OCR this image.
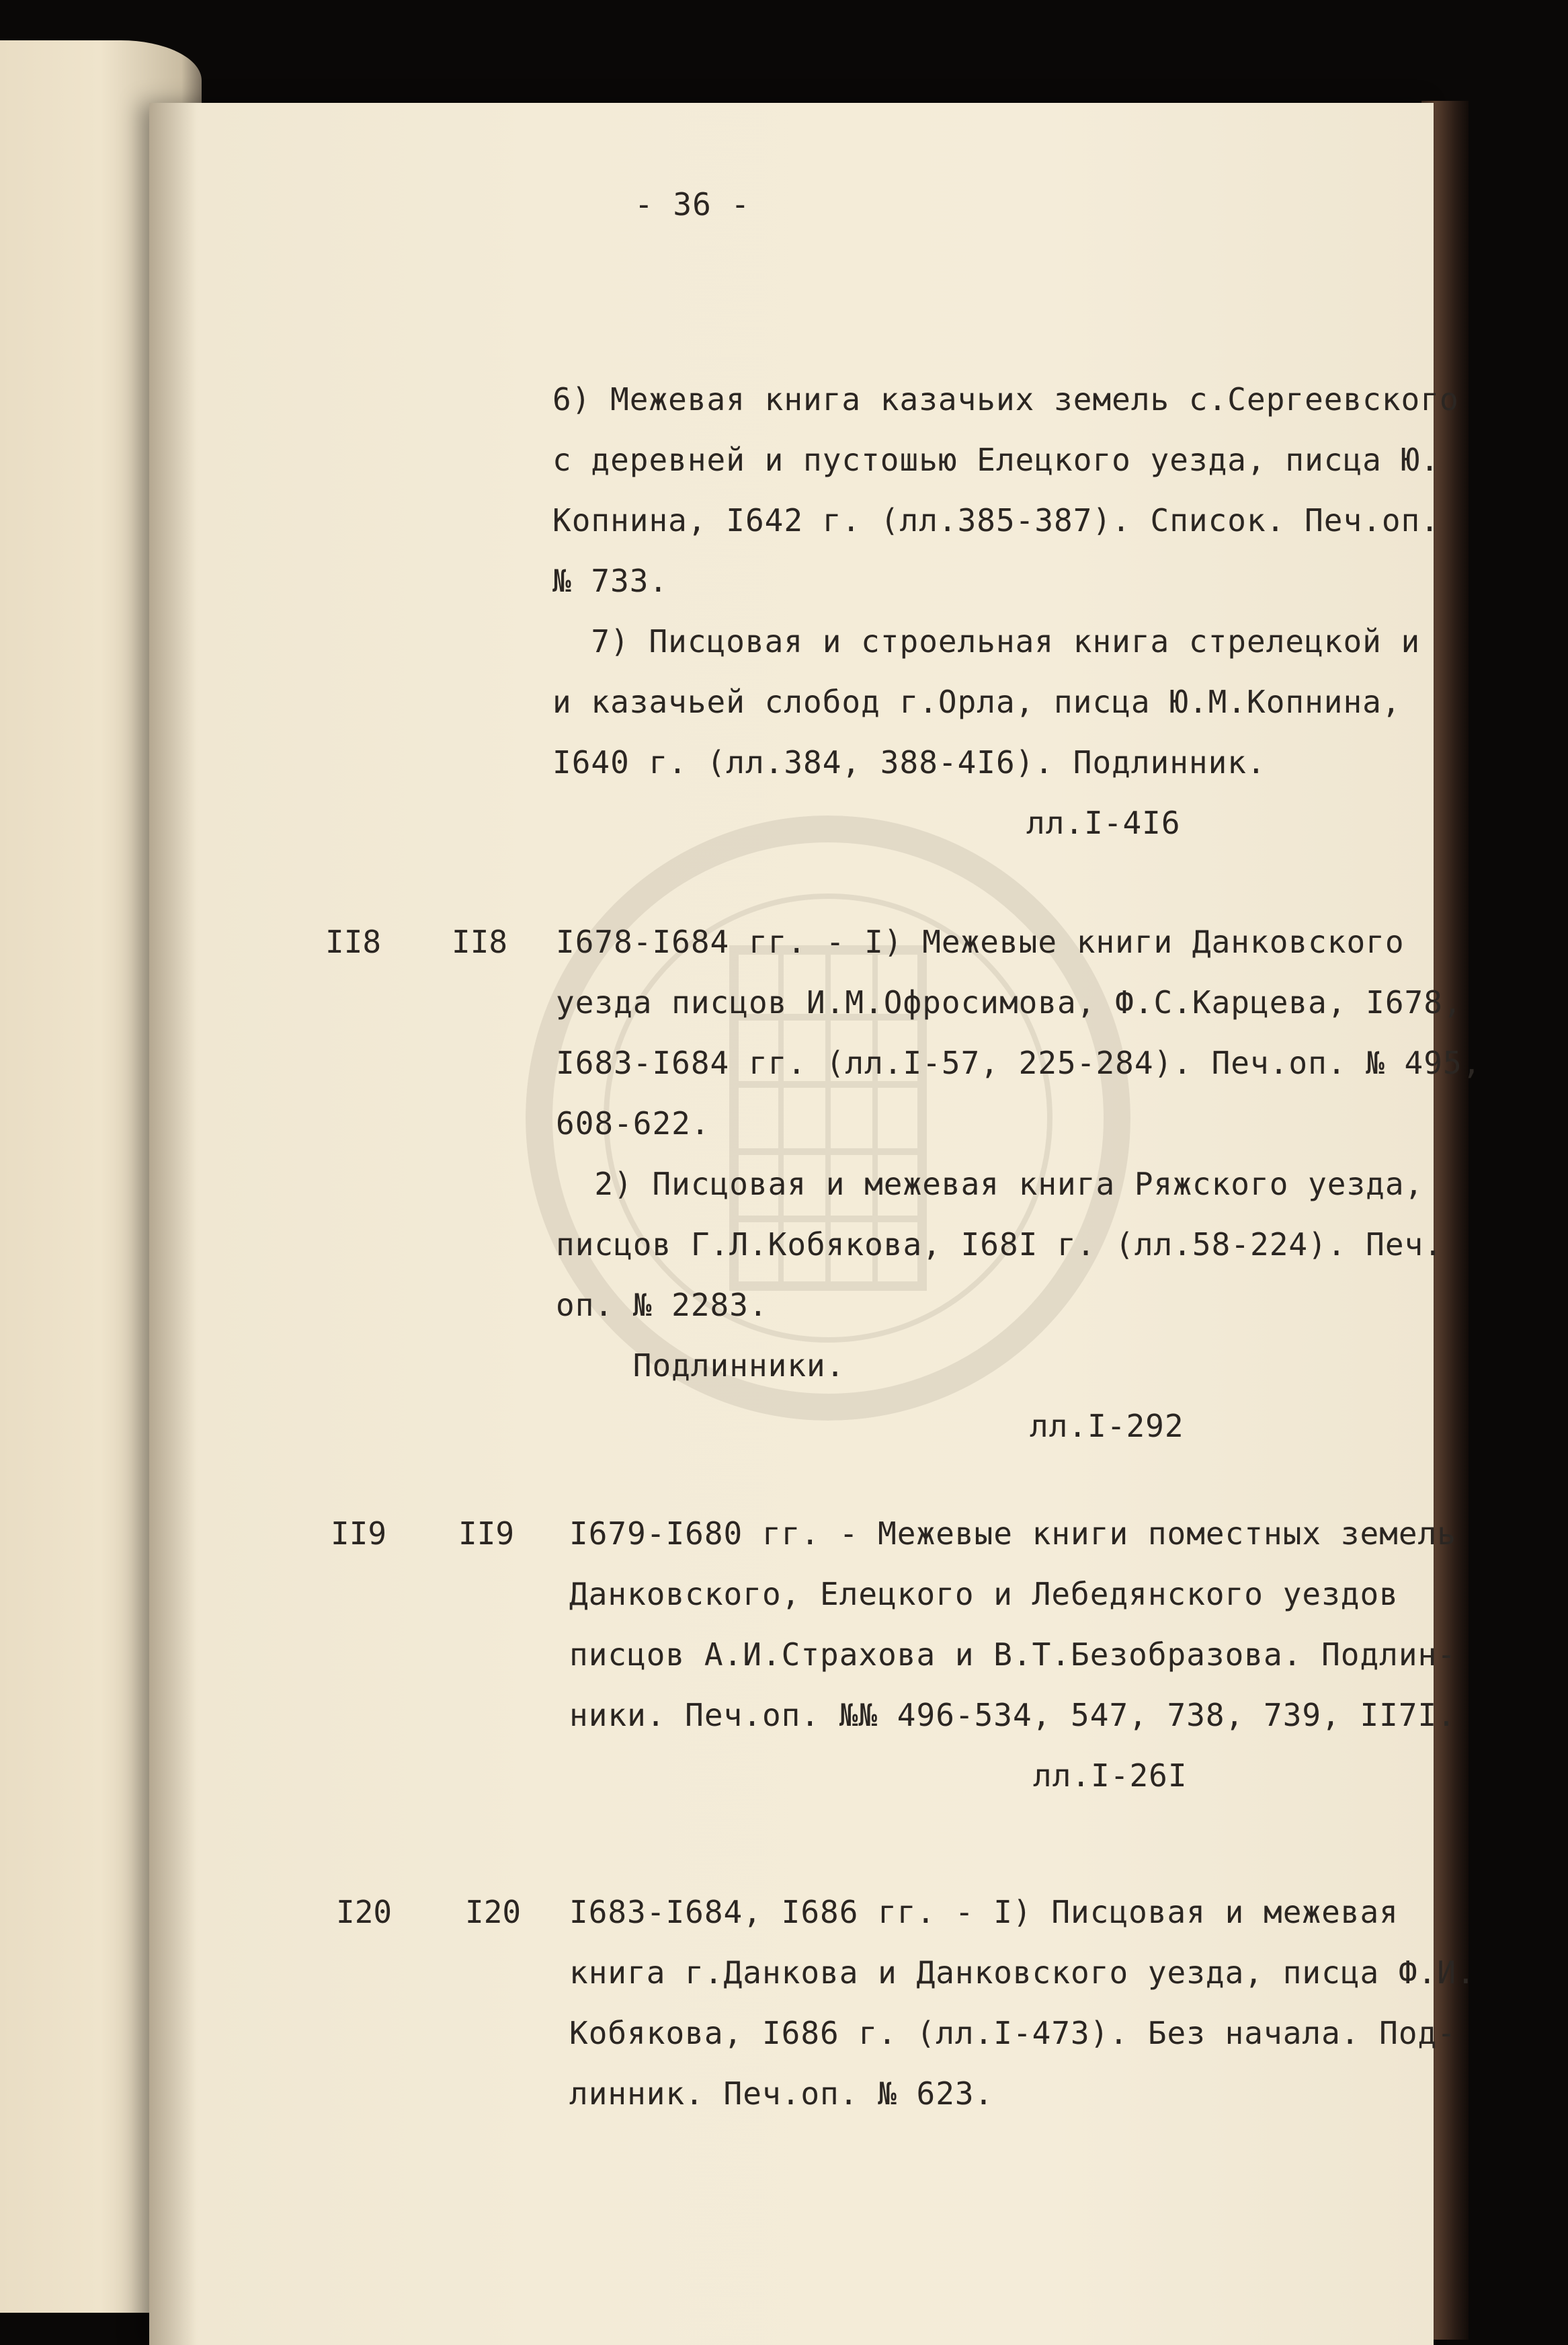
- 36 -
6) Межевая книга казачьих земель с.Сергеевского
с деревней и пустошью Елецкого уезда, писца Ю.
Копнина, I642 г. (лл.385-387). Список. Печ.оп.
№ 733.
7) Писцовая и строельная книга стрелецкой и
и казачьей слобод г.Орла, писца Ю.М.Копнина,
I640 г. (лл.384, 388-4I6). Подлинник.
лл.I-4I6
II8 II8 I678-I684 гг. - I) Межевые книги Данковского
уезда писцов И.М.Офросимова, Ф.С.Карцева, I678,
I683-I684 гг. (лл.I-57, 225-284). Печ.оп. № 495,
608-622.
2) Писцовая и межевая книга Ряжского уезда,
писцов Г.Л.Кобякова, I68I г. (лл.58-224). Печ.
оп. № 2283.
Подлинники.
лл.I-292
II9 II9 I679-I680 гг. - Межевые книги поместных земель
Данковского, Елецкого и Лебедянского уездов
писцов А.И.Страхова и В.Т.Безобразова. Подлин-
ники. Печ.оп. №№ 496-534, 547, 738, 739, II7I.
лл.I-26I
I20 I20 I683-I684, I686 гг. - I) Писцовая и межевая
книга г.Данкова и Данковского уезда, писца Ф.И.
Кобякова, I686 г. (лл.I-473). Без начала. Под-
линник. Печ.оп. № 623.
